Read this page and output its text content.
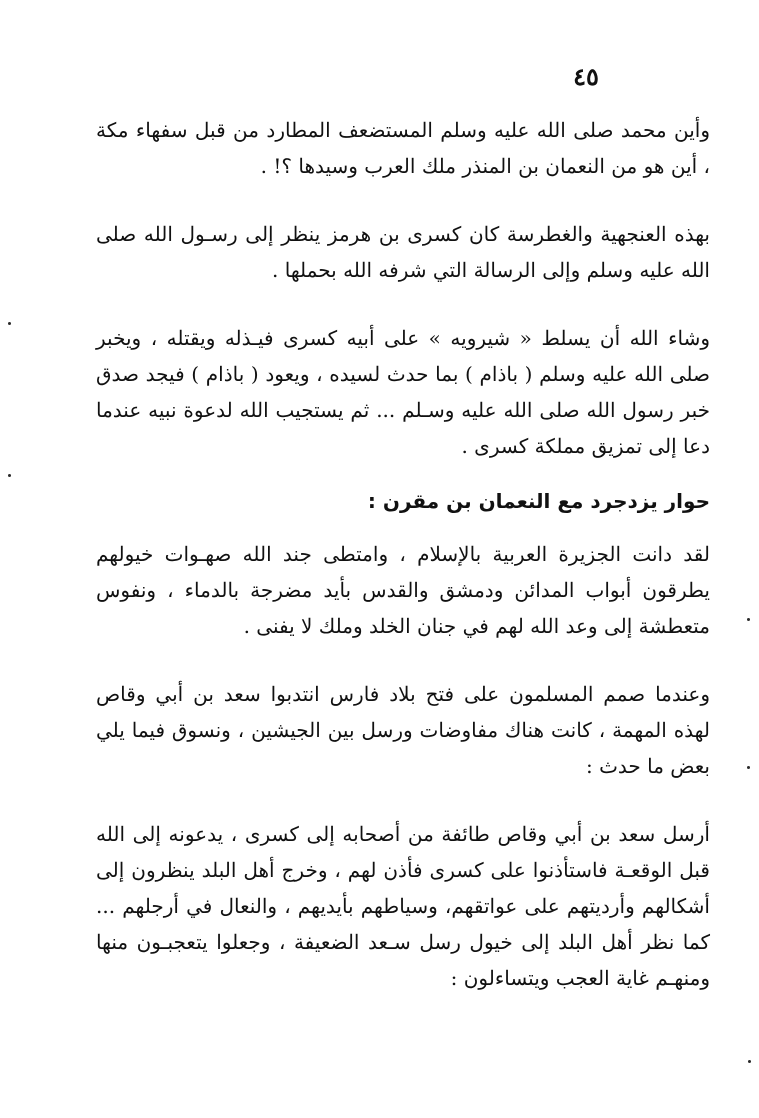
٤٥

وأين محمد صلى الله عليه وسلم المستضعف المطارد من قبل سفهاء مكة ، أين هو من النعمان بن المنذر ملك العرب وسيدها ؟! .

بهذه العنجهية والغطرسة كان كسرى بن هرمز ينظر إلى رسـول الله صلى الله عليه وسلم وإلى الرسالة التي شرفه الله بحملها .

وشاء الله أن يسلط « شيرويه » على أبيه كسرى فيـذله ويقتله ، ويخبر صلى الله عليه وسلم ( باذام ) بما حدث لسيده ، ويعود ( باذام ) فيجد صدق خبر رسول الله صلى الله عليه وسـلم ... ثم يستجيب الله لدعوة نبيه عندما دعا إلى تمزيق مملكة كسرى .

حوار يزدجرد مع النعمان بن مقرن :

لقد دانت الجزيرة العربية بالإسلام ، وامتطى جند الله صهـوات خيولهم يطرقون أبواب المدائن ودمشق والقدس بأيد مضرجة بالدماء ، ونفوس متعطشة إلى وعد الله لهم في جنان الخلد وملك لا يفنى .

وعندما صمم المسلمون على فتح بلاد فارس انتدبوا سعد بن أبي وقاص لهذه المهمة ، كانت هناك مفاوضات ورسل بين الجيشين ، ونسوق فيما يلي بعض ما حدث :

أرسل سعد بن أبي وقاص طائفة من أصحابه إلى كسرى ، يدعونه إلى الله قبل الوقعـة فاستأذنوا على كسرى فأذن لهم ، وخرج أهل البلد ينظرون إلى أشكالهم وأرديتهم على عواتقهم، وسياطهم بأيديهم ، والنعال في أرجلهم ... كما نظر أهل البلد إلى خيول رسل سـعد الضعيفة ، وجعلوا يتعجبـون منها ومنهـم غاية العجب ويتساءلون :
